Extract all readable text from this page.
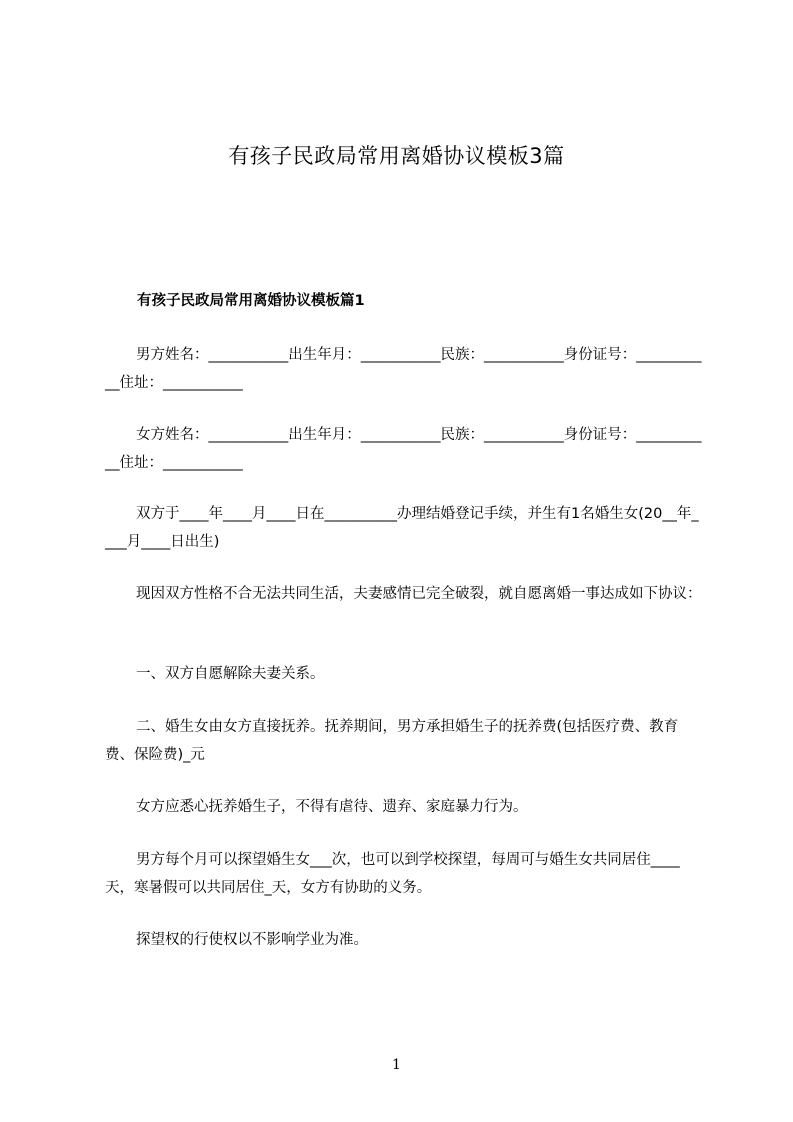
有孩子民政局常用离婚协议模板3篇
有孩子民政局常用离婚协议模板篇1

男方姓名：___________出生年月：___________民族：___________身份证号：___________住址：___________

女方姓名：___________出生年月：___________民族：___________身份证号：___________住址：___________

双方于____年____月____日在__________办理结婚登记手续，并生有1名婚生女(20__年____月____日出生)

现因双方性格不合无法共同生活，夫妻感情已完全破裂，就自愿离婚一事达成如下协议：

一、双方自愿解除夫妻关系。

二、婚生女由女方直接抚养。抚养期间，男方承担婚生子的抚养费(包括医疗费、教育费、保险费)_元

女方应悉心抚养婚生子，不得有虐待、遗弃、家庭暴力行为。

男方每个月可以探望婚生女___次，也可以到学校探望，每周可与婚生女共同居住____天，寒暑假可以共同居住_天，女方有协助的义务。

探望权的行使权以不影响学业为准。

1
